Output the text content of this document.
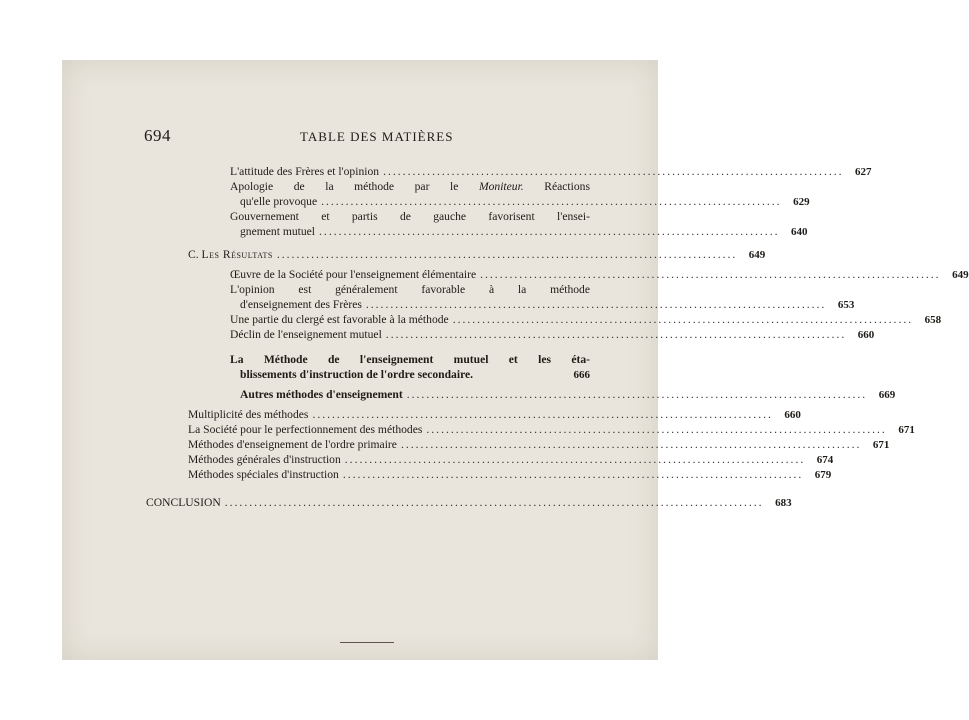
694	TABLE DES MATIÈRES
L'attitude des Frères et l'opinion ..............................................................................................	627
Apologie de la méthode par le Moniteur. Réactions
qu'elle provoque ..............................................................................................	629
Gouvernement et partis de gauche favorisent l'ensei-
gnement mutuel ..............................................................................................	640
C.
Les Résultats ..............................................................................................	649
Œuvre de la Société pour l'enseignement élémentaire ..............................................................................................	649
L'opinion est généralement favorable à la méthode
d'enseignement des Frères ..............................................................................................	653
Une partie du clergé est favorable à la méthode ..............................................................................................	658
Déclin de l'enseignement mutuel ..............................................................................................	660
La Méthode de l'enseignement mutuel et les éta-
blissements d'instruction de l'ordre secondaire.	666
Autres méthodes d'enseignement ..............................................................................................	669
Multiplicité des méthodes ..............................................................................................	660
La Société pour le perfectionnement des méthodes ..............................................................................................	671
Méthodes d'enseignement de l'ordre primaire ..............................................................................................	671
Méthodes générales d'instruction ..............................................................................................	674
Méthodes spéciales d'instruction ..............................................................................................	679
CONCLUSION ..............................................................................................................	683
